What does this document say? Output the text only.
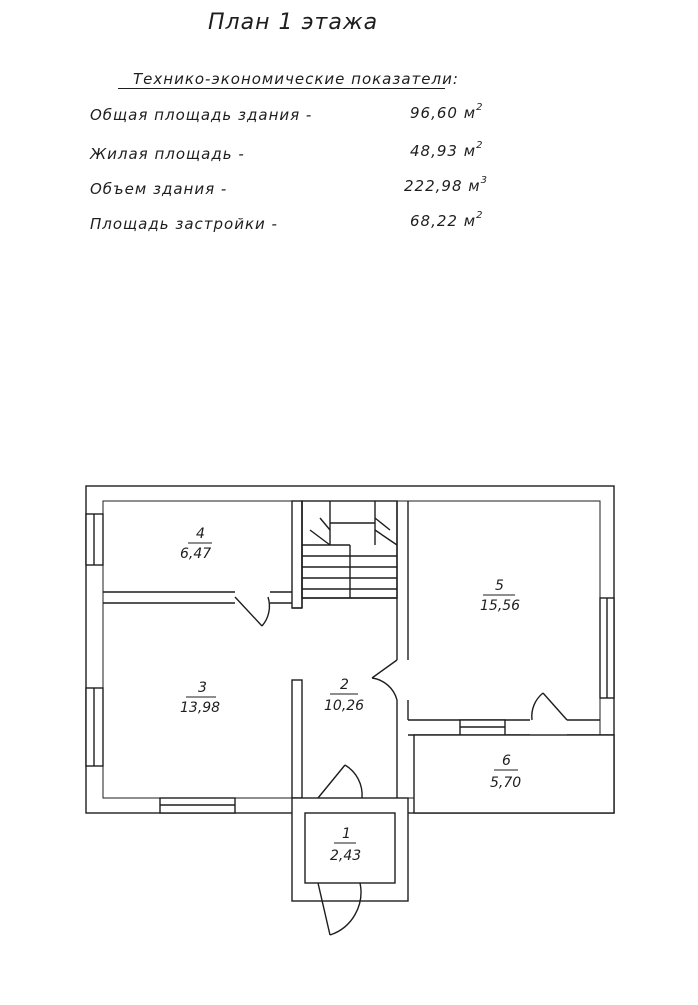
План 1 этажа
Технико-экономические показатели:
Общая площадь здания -	96,60 $м^2$
Жилая площадь -	48,93 $м^2$
Объем здания -	222,98 $м^3$
Площадь застройки -	68,22 $м^2$
4
6,47
5
15,56
3
13,98
2
10,26
6
5,70
1
2,43
